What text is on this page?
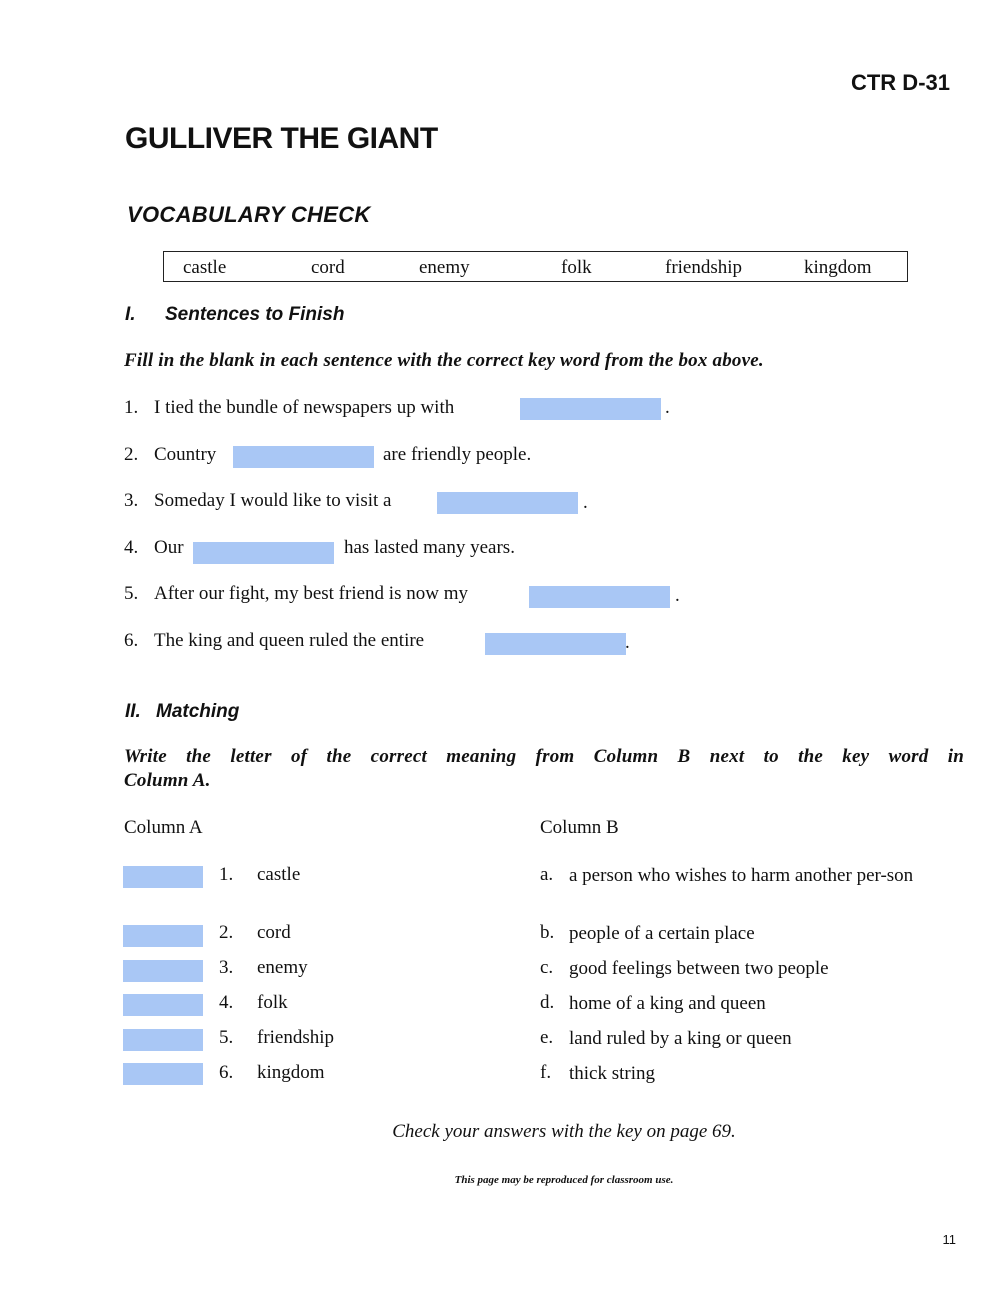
CTR D-31
GULLIVER THE GIANT
VOCABULARY CHECK
castle	cord	enemy	folk	friendship	kingdom
I. Sentences to Finish
Fill in the blank in each sentence with the correct key word from the box above.
1. I tied the bundle of newspapers up with	.
2. Country	are friendly people.
3. Someday I would like to visit a	.
4. Our	has lasted many years.
5. After our fight, my best friend is now my	.
6. The king and queen ruled the entire	.
II. Matching
Write the letter of the correct meaning from Column B next to the key word in
Column A.
Column A	Column B
1. castle	a. a person who wishes to harm another per-son
2. cord	b. people of a certain place
3. enemy	c. good feelings between two people
4. folk	d. home of a king and queen
5. friendship	e. land ruled by a king or queen
6. kingdom	f. thick string
Check your answers with the key on page 69.
This page may be reproduced for classroom use.
11
